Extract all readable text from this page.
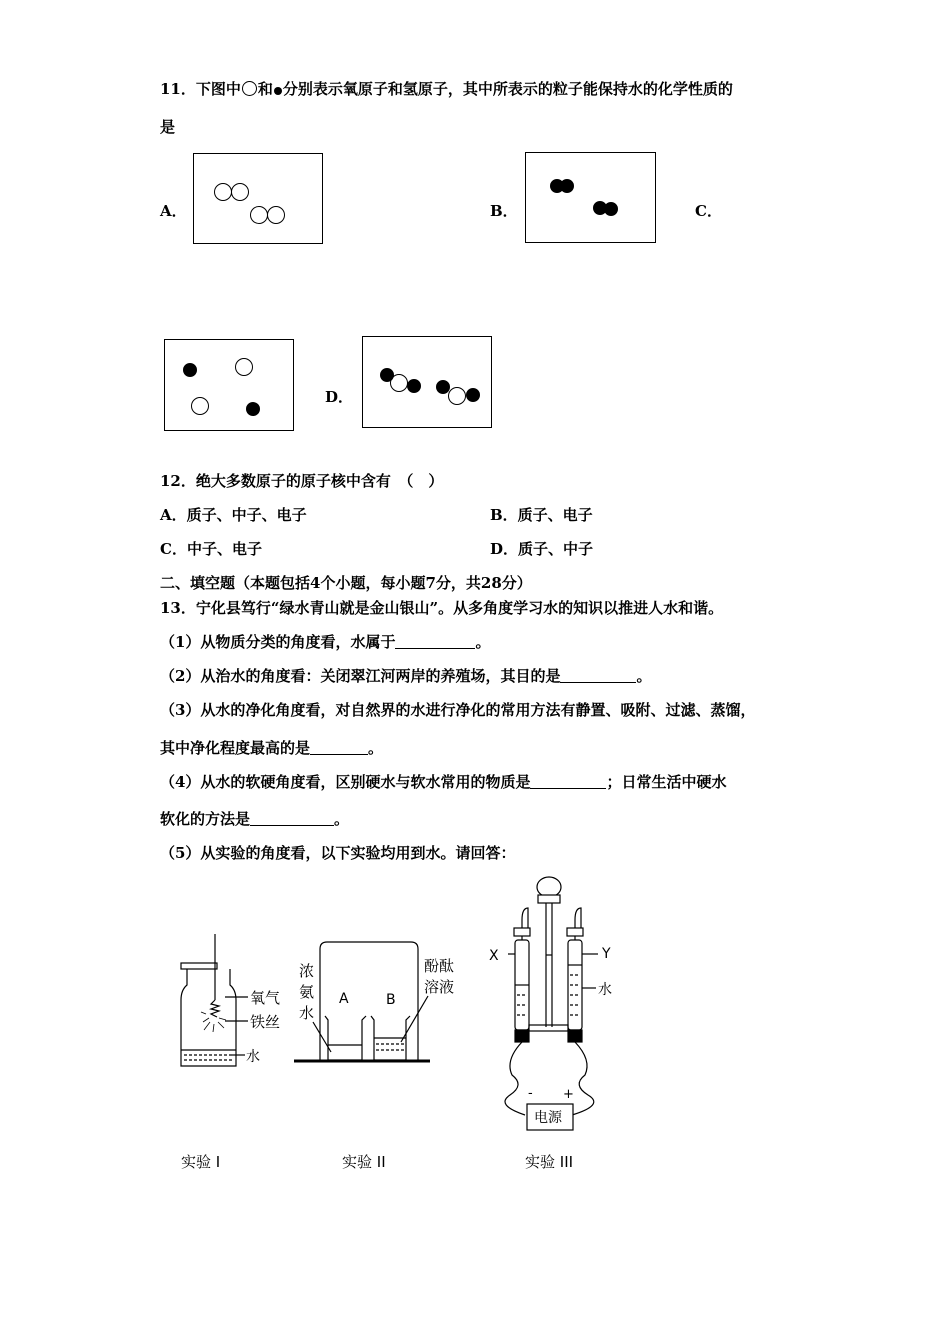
11．下图中 和 分别表示氧原子和氢原子，其中所表示的粒子能保持水的化学性质的
是
A．	B．	C．
D．
12．绝大多数原子的原子核中含有　（　）
A．质子、中子、电子	B．质子、电子
C．中子、电子	D．质子、中子
二、填空题（本题包括4个小题，每小题7分，共28分）
13．宁化县笃行“绿水青山就是金山银山”。从多角度学习水的知识以推进人水和谐。
（1）从物质分类的角度看，水属于	。
（2）从治水的角度看：关闭翠江河两岸的养殖场，其目的是	。
（3）从水的净化角度看，对自然界的水进行净化的常用方法有静置、吸附、过滤、蒸馏，
其中净化程度最高的是	。
（4）从水的软硬角度看，区别硬水与软水常用的物质是	；日常生活中硬水
软化的方法是	。
（5）从实验的角度看，以下实验均用到水。请回答：
氧气
铁丝
水
实验 I
浓
氨
水
A	B
酚酞
溶液
实验 II
X	Y
水
- +
电源
实验 III
